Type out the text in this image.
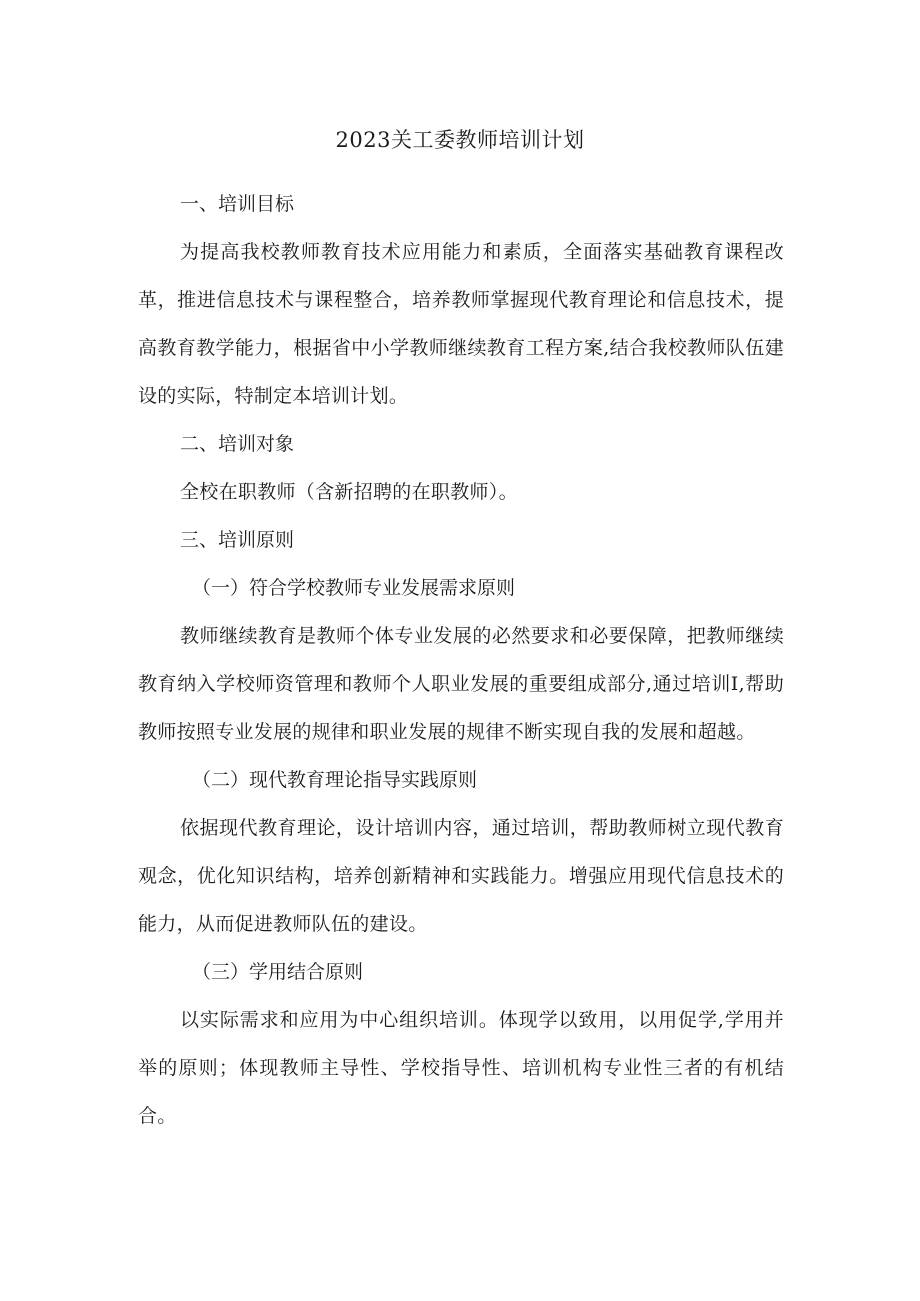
2023关工委教师培训计划

一、培训目标

为提高我校教师教育技术应用能力和素质，全面落实基础教育课程改革，推进信息技术与课程整合，培养教师掌握现代教育理论和信息技术，提高教育教学能力，根据省中小学教师继续教育工程方案,结合我校教师队伍建设的实际，特制定本培训计划。

二、培训对象

全校在职教师（含新招聘的在职教师）。

三、培训原则

（一）符合学校教师专业发展需求原则

教师继续教育是教师个体专业发展的必然要求和必要保障，把教师继续教育纳入学校师资管理和教师个人职业发展的重要组成部分,通过培训I,帮助教师按照专业发展的规律和职业发展的规律不断实现自我的发展和超越。

（二）现代教育理论指导实践原则

依据现代教育理论，设计培训内容，通过培训，帮助教师树立现代教育观念，优化知识结构，培养创新精神和实践能力。增强应用现代信息技术的能力，从而促进教师队伍的建设。

（三）学用结合原则

以实际需求和应用为中心组织培训。体现学以致用，以用促学,学用并举的原则；体现教师主导性、学校指导性、培训机构专业性三者的有机结合。
